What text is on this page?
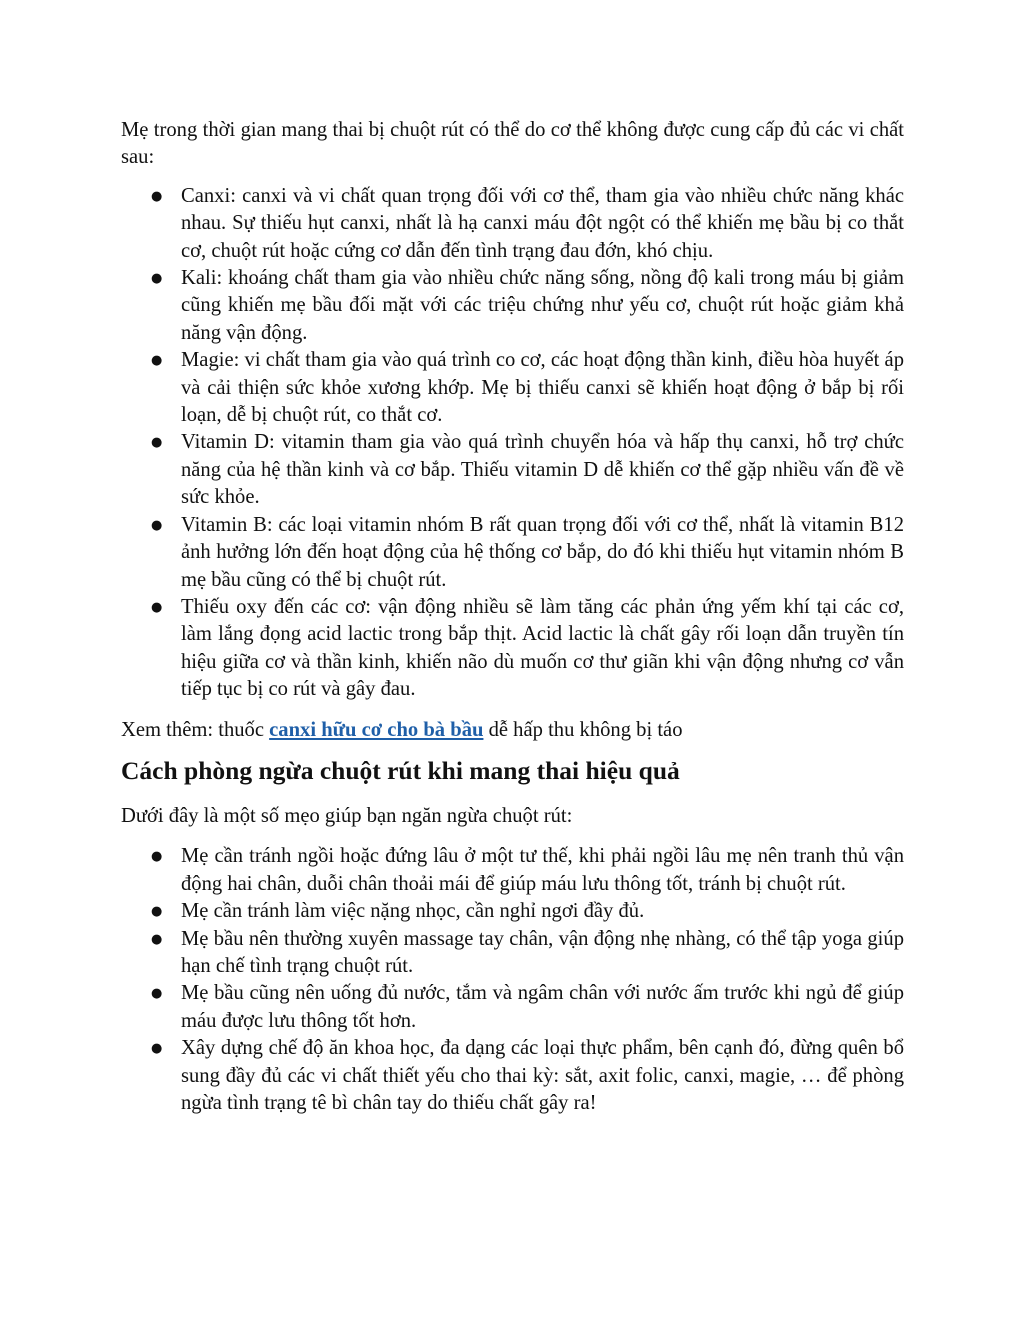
Mẹ trong thời gian mang thai bị chuột rút có thể do cơ thể không được cung cấp đủ các vi chất sau:

● Canxi: canxi và vi chất quan trọng đối với cơ thể, tham gia vào nhiều chức năng khác nhau. Sự thiếu hụt canxi, nhất là hạ canxi máu đột ngột có thể khiến mẹ bầu bị co thắt cơ, chuột rút hoặc cứng cơ dẫn đến tình trạng đau đớn, khó chịu.
● Kali: khoáng chất tham gia vào nhiều chức năng sống, nồng độ kali trong máu bị giảm cũng khiến mẹ bầu đối mặt với các triệu chứng như yếu cơ, chuột rút hoặc giảm khả năng vận động.
● Magie: vi chất tham gia vào quá trình co cơ, các hoạt động thần kinh, điều hòa huyết áp và cải thiện sức khỏe xương khớp. Mẹ bị thiếu canxi sẽ khiến hoạt động ở bắp bị rối loạn, dễ bị chuột rút, co thắt cơ.
● Vitamin D: vitamin tham gia vào quá trình chuyển hóa và hấp thụ canxi, hỗ trợ chức năng của hệ thần kinh và cơ bắp. Thiếu vitamin D dễ khiến cơ thể gặp nhiều vấn đề về sức khỏe.
● Vitamin B: các loại vitamin nhóm B rất quan trọng đối với cơ thể, nhất là vitamin B12 ảnh hưởng lớn đến hoạt động của hệ thống cơ bắp, do đó khi thiếu hụt vitamin nhóm B mẹ bầu cũng có thể bị chuột rút.
● Thiếu oxy đến các cơ: vận động nhiều sẽ làm tăng các phản ứng yếm khí tại các cơ, làm lắng đọng acid lactic trong bắp thịt. Acid lactic là chất gây rối loạn dẫn truyền tín hiệu giữa cơ và thần kinh, khiến não dù muốn cơ thư giãn khi vận động nhưng cơ vẫn tiếp tục bị co rút và gây đau.

Xem thêm: thuốc canxi hữu cơ cho bà bầu dễ hấp thu không bị táo

Cách phòng ngừa chuột rút khi mang thai hiệu quả

Dưới đây là một số mẹo giúp bạn ngăn ngừa chuột rút:

● Mẹ cần tránh ngồi hoặc đứng lâu ở một tư thế, khi phải ngồi lâu mẹ nên tranh thủ vận động hai chân, duỗi chân thoải mái để giúp máu lưu thông tốt, tránh bị chuột rút.
● Mẹ cần tránh làm việc nặng nhọc, cần nghỉ ngơi đầy đủ.
● Mẹ bầu nên thường xuyên massage tay chân, vận động nhẹ nhàng, có thể tập yoga giúp hạn chế tình trạng chuột rút.
● Mẹ bầu cũng nên uống đủ nước, tắm và ngâm chân với nước ấm trước khi ngủ để giúp máu được lưu thông tốt hơn.
● Xây dựng chế độ ăn khoa học, đa dạng các loại thực phẩm, bên cạnh đó, đừng quên bổ sung đầy đủ các vi chất thiết yếu cho thai kỳ: sắt, axit folic, canxi, magie, … để phòng ngừa tình trạng tê bì chân tay do thiếu chất gây ra!
